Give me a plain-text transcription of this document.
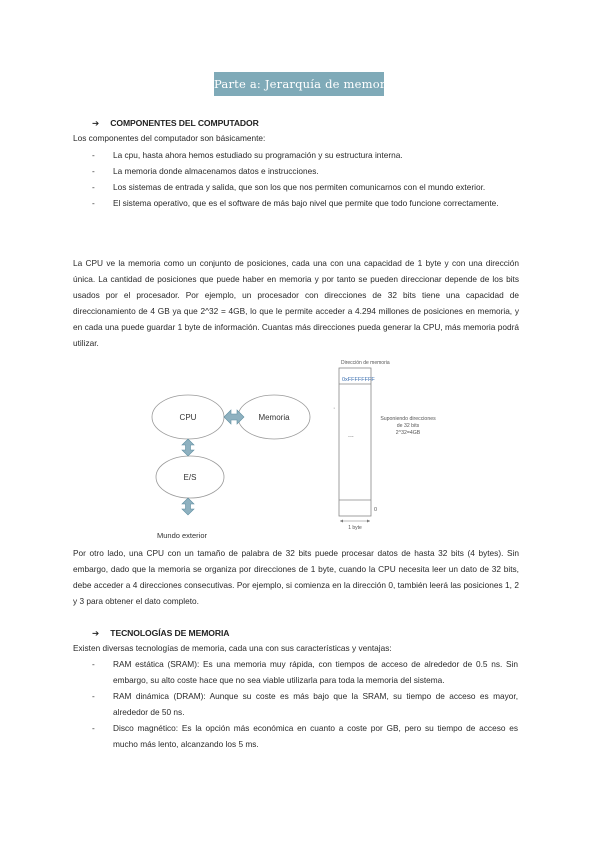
Parte a: Jerarquía de memoria
➔ COMPONENTES DEL COMPUTADOR
Los componentes del computador son básicamente:
- La cpu, hasta ahora hemos estudiado su programación y su estructura interna.
- La memoria donde almacenamos datos e instrucciones.
- Los sistemas de entrada y salida, que son los que nos permiten comunicarnos con el mundo exterior.
- El sistema operativo, que es el software de más bajo nivel que permite que todo funcione correctamente.
La CPU ve la memoria como un conjunto de posiciones, cada una con una capacidad de 1 byte y con una dirección única. La cantidad de posiciones que puede haber en memoria y por tanto se pueden direccionar depende de los bits usados por el procesador. Por ejemplo, un procesador con direcciones de 32 bits tiene una capacidad de direccionamiento de 4 GB ya que 2^32 = 4GB, lo que le permite acceder a 4.294 millones de posiciones en memoria, y en cada una puede guardar 1 byte de información. Cuantas más direcciones pueda generar la CPU, más memoria podrá utilizar.
CPU	Memoria
E/S
Mundo exterior
Dirección de memoria
0xFFFFFFFF
...
0
·
Suponiendo direcciones
de 32 bits
2^32=4GB
1 byte
Por otro lado, una CPU con un tamaño de palabra de 32 bits puede procesar datos de hasta 32 bits (4 bytes). Sin embargo, dado que la memoria se organiza por direcciones de 1 byte, cuando la CPU necesita leer un dato de 32 bits, debe acceder a 4 direcciones consecutivas. Por ejemplo, si comienza en la dirección 0, también leerá las posiciones 1, 2 y 3 para obtener el dato completo.
➔ TECNOLOGÍAS DE MEMORIA
Existen diversas tecnologías de memoria, cada una con sus características y ventajas:
- RAM estática (SRAM): Es una memoria muy rápida, con tiempos de acceso de alrededor de 0.5 ns. Sin embargo, su alto coste hace que no sea viable utilizarla para toda la memoria del sistema.
- RAM dinámica (DRAM): Aunque su coste es más bajo que la SRAM, su tiempo de acceso es mayor, alrededor de 50 ns.
- Disco magnético: Es la opción más económica en cuanto a coste por GB, pero su tiempo de acceso es mucho más lento, alcanzando los 5 ms.
